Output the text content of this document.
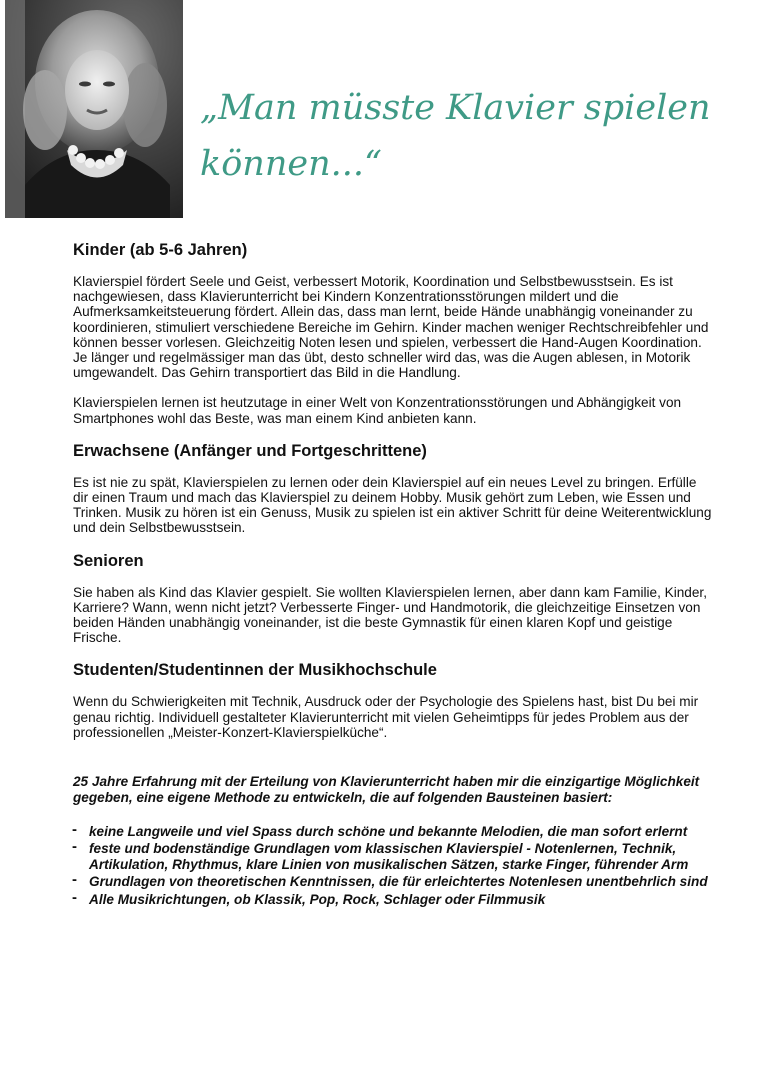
„Man müsste Klavier spielen können...“
Kinder (ab 5-6 Jahren)

Klavierspiel fördert Seele und Geist, verbessert Motorik, Koordination und Selbstbewusstsein. Es ist nachgewiesen, dass Klavierunterricht bei Kindern Konzentrationsstörungen mildert und die Aufmerksamkeitsteuerung fördert. Allein das, dass man lernt, beide Hände unabhängig voneinander zu koordinieren, stimuliert verschiedene Bereiche im Gehirn. Kinder machen weniger Rechtschreibfehler und können besser vorlesen. Gleichzeitig Noten lesen und spielen, verbessert die Hand-Augen Koordination. Je länger und regelmässiger man das übt, desto schneller wird das, was die Augen ablesen, in Motorik umgewandelt. Das Gehirn transportiert das Bild in die Handlung.

Klavierspielen lernen ist heutzutage in einer Welt von Konzentrationsstörungen und Abhängigkeit von Smartphones wohl das Beste, was man einem Kind anbieten kann.

Erwachsene (Anfänger und Fortgeschrittene)

Es ist nie zu spät, Klavierspielen zu lernen oder dein Klavierspiel auf ein neues Level zu bringen. Erfülle dir einen Traum und mach das Klavierspiel zu deinem Hobby. Musik gehört zum Leben, wie Essen und Trinken. Musik zu hören ist ein Genuss, Musik zu spielen ist ein aktiver Schritt für deine Weiterentwicklung und dein Selbstbewusstsein.

Senioren

Sie haben als Kind das Klavier gespielt. Sie wollten Klavierspielen lernen, aber dann kam Familie, Kinder, Karriere? Wann, wenn nicht jetzt? Verbesserte Finger- und Handmotorik, die gleichzeitige Einsetzen von beiden Händen unabhängig voneinander, ist die beste Gymnastik für einen klaren Kopf und geistige Frische.

Studenten/Studentinnen der Musikhochschule

Wenn du Schwierigkeiten mit Technik, Ausdruck oder der Psychologie des Spielens hast, bist Du bei mir genau richtig. Individuell gestalteter Klavierunterricht mit vielen Geheimtipps für jedes Problem aus der professionellen „Meister-Konzert-Klavierspielküche“.

25 Jahre Erfahrung mit der Erteilung von Klavierunterricht haben mir die einzigartige Möglichkeit gegeben, eine eigene Methode zu entwickeln, die auf folgenden Bausteinen basiert:

- keine Langweile und viel Spass durch schöne und bekannte Melodien, die man sofort erlernt
- feste und bodenständige Grundlagen vom klassischen Klavierspiel - Notenlernen, Technik, Artikulation, Rhythmus, klare Linien von musikalischen Sätzen, starke Finger, führender Arm
- Grundlagen von theoretischen Kenntnissen, die für erleichtertes Notenlesen unentbehrlich sind
- Alle Musikrichtungen, ob Klassik, Pop, Rock, Schlager oder Filmmusik
